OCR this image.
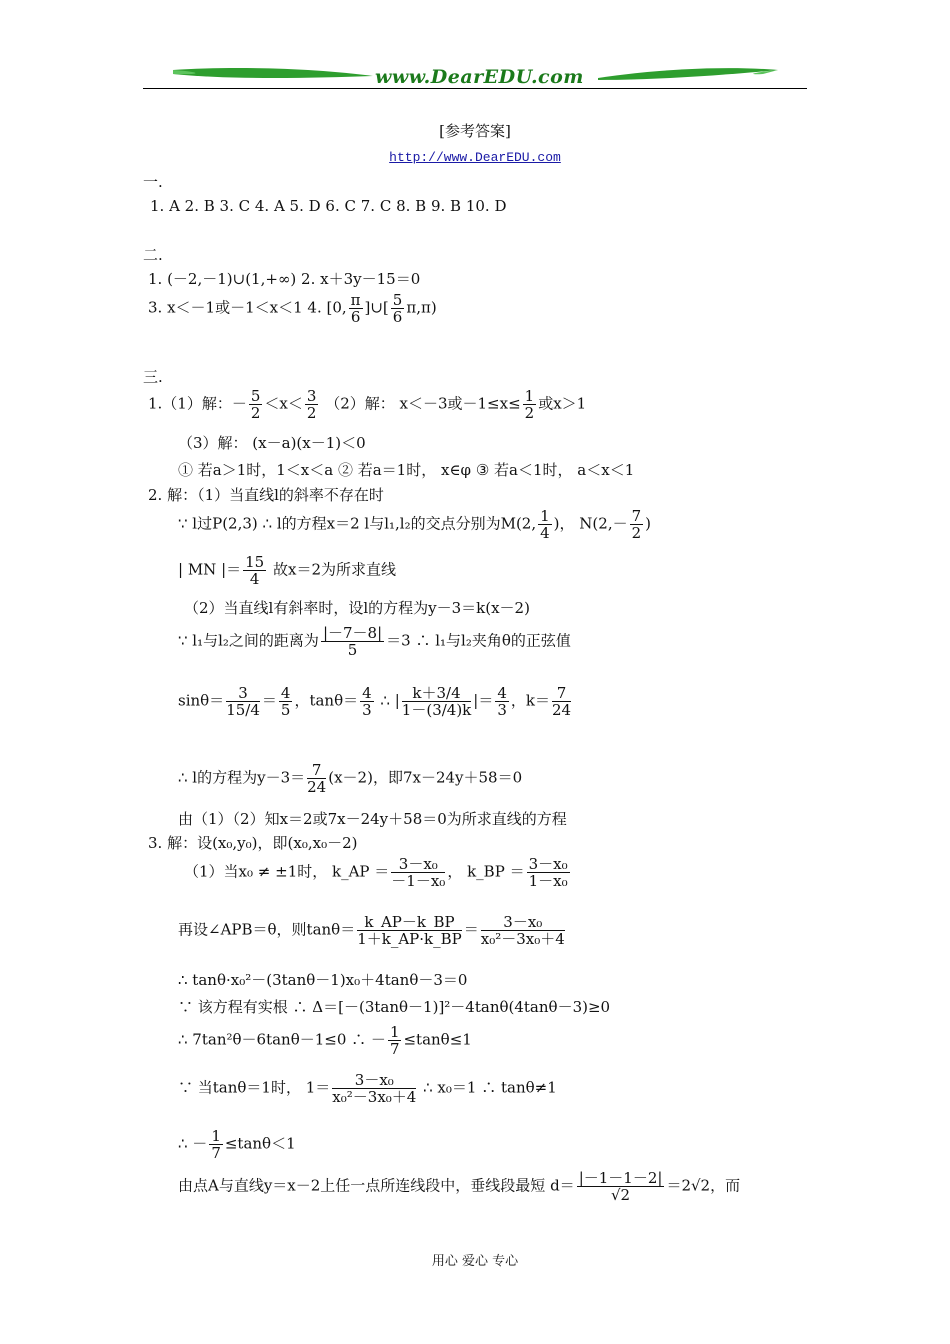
www.DearEDU.com
[参考答案]
http://www.DearEDU.com
一.
1. A 2. B 3. C 4. A 5. D 6. C 7. C 8. B 9. B 10. D
二.
1. (－2,－1)∪(1,+∞) 2. x＋3y－15＝0
3. x＜－1或－1＜x＜1 4. [0, $\frac{\pi}{6}$ ]∪[ $\frac{5}{6} \pi,\pi$)
三.
1.（1）解：－ $\frac{5}{2} <x< \frac{3}{2} (2)$解： x＜－3或$-1\le x\le \frac{1}{2}$ 或x＞1
（3）解： (x－a)(x－1)＜0
① 若a＞1时，1＜x＜a ② 若a＝1时， x∈φ ③ 若a＜1时， a＜x＜1
2. 解：（1）当直线l的斜率不存在时
∵ l过P(2,3) ∴ l的方程x＝2 l与l₁,l₂的交点分别为M(2, $\frac{1}{4}$ )， $N(2,- \frac{7}{2}$ )
| MN |＝ $\frac{15}{4}$ 故x＝2为所求直线
（2）当直线l有斜率时，设l的方程为y－3＝k(x－2)
∵ l₁与l₂之间的距离为 $\frac{|-7-8|}{5} =3$ ∴ l₁与l₂夹角θ的正弦值
$\sin\theta= \frac{3}{15/4} = \frac{4}{5}$ ，$\tan\theta= \frac{4}{3}$ ∴ | $\frac{k+3/4}{1-(3/4)k}$ |＝ $\frac{4}{3}$ ，$k= \frac{7}{24}$
∴ l的方程为$y-3= \frac{7}{24} (x-2)$，即7x－24y＋58＝0
由（1）（2）知x＝2或7x－24y＋58＝0为所求直线的方程
3. 解：设(x₀,y₀)，即(x₀,x₀－2)
（1）当x₀ ≠ ±1时， k_AP ＝ $\frac{\text{3－x₀}}{\text{－1－x₀}}$ ， k_BP ＝ $\frac{\text{3－x₀}}{\text{1－x₀}}$
再设∠APB＝θ，则$\tan\theta= \frac{k\_AP-k\_BP}{1+k\_AP\cdot k\_BP} = \frac{\text{3－x₀}}{\text{x₀²－3x₀＋4}}$
∴ tanθ·x₀²－(3tanθ－1)x₀＋4tanθ－3＝0
∵ 该方程有实根 ∴ Δ＝[－(3tanθ－1)]²－4tanθ(4tanθ－3)≥0
∴ 7tan²θ－6tanθ－1≤0 ∴ － $\frac{1}{7} \le\tan\theta\le 1$
∵ 当tanθ＝1时， $1= \frac{\text{3－x₀}}{\text{x₀²－3x₀＋4}}$ ∴ x₀＝1 ∴ tanθ≠1
∴ － $\frac{1}{7} \le\tan\theta<1$
由点A与直线y＝x－2上任一点所连线段中，垂线段最短 $d= \frac{|-1-1-2|}{√2} =2√2$，而
用心 爱心 专心
